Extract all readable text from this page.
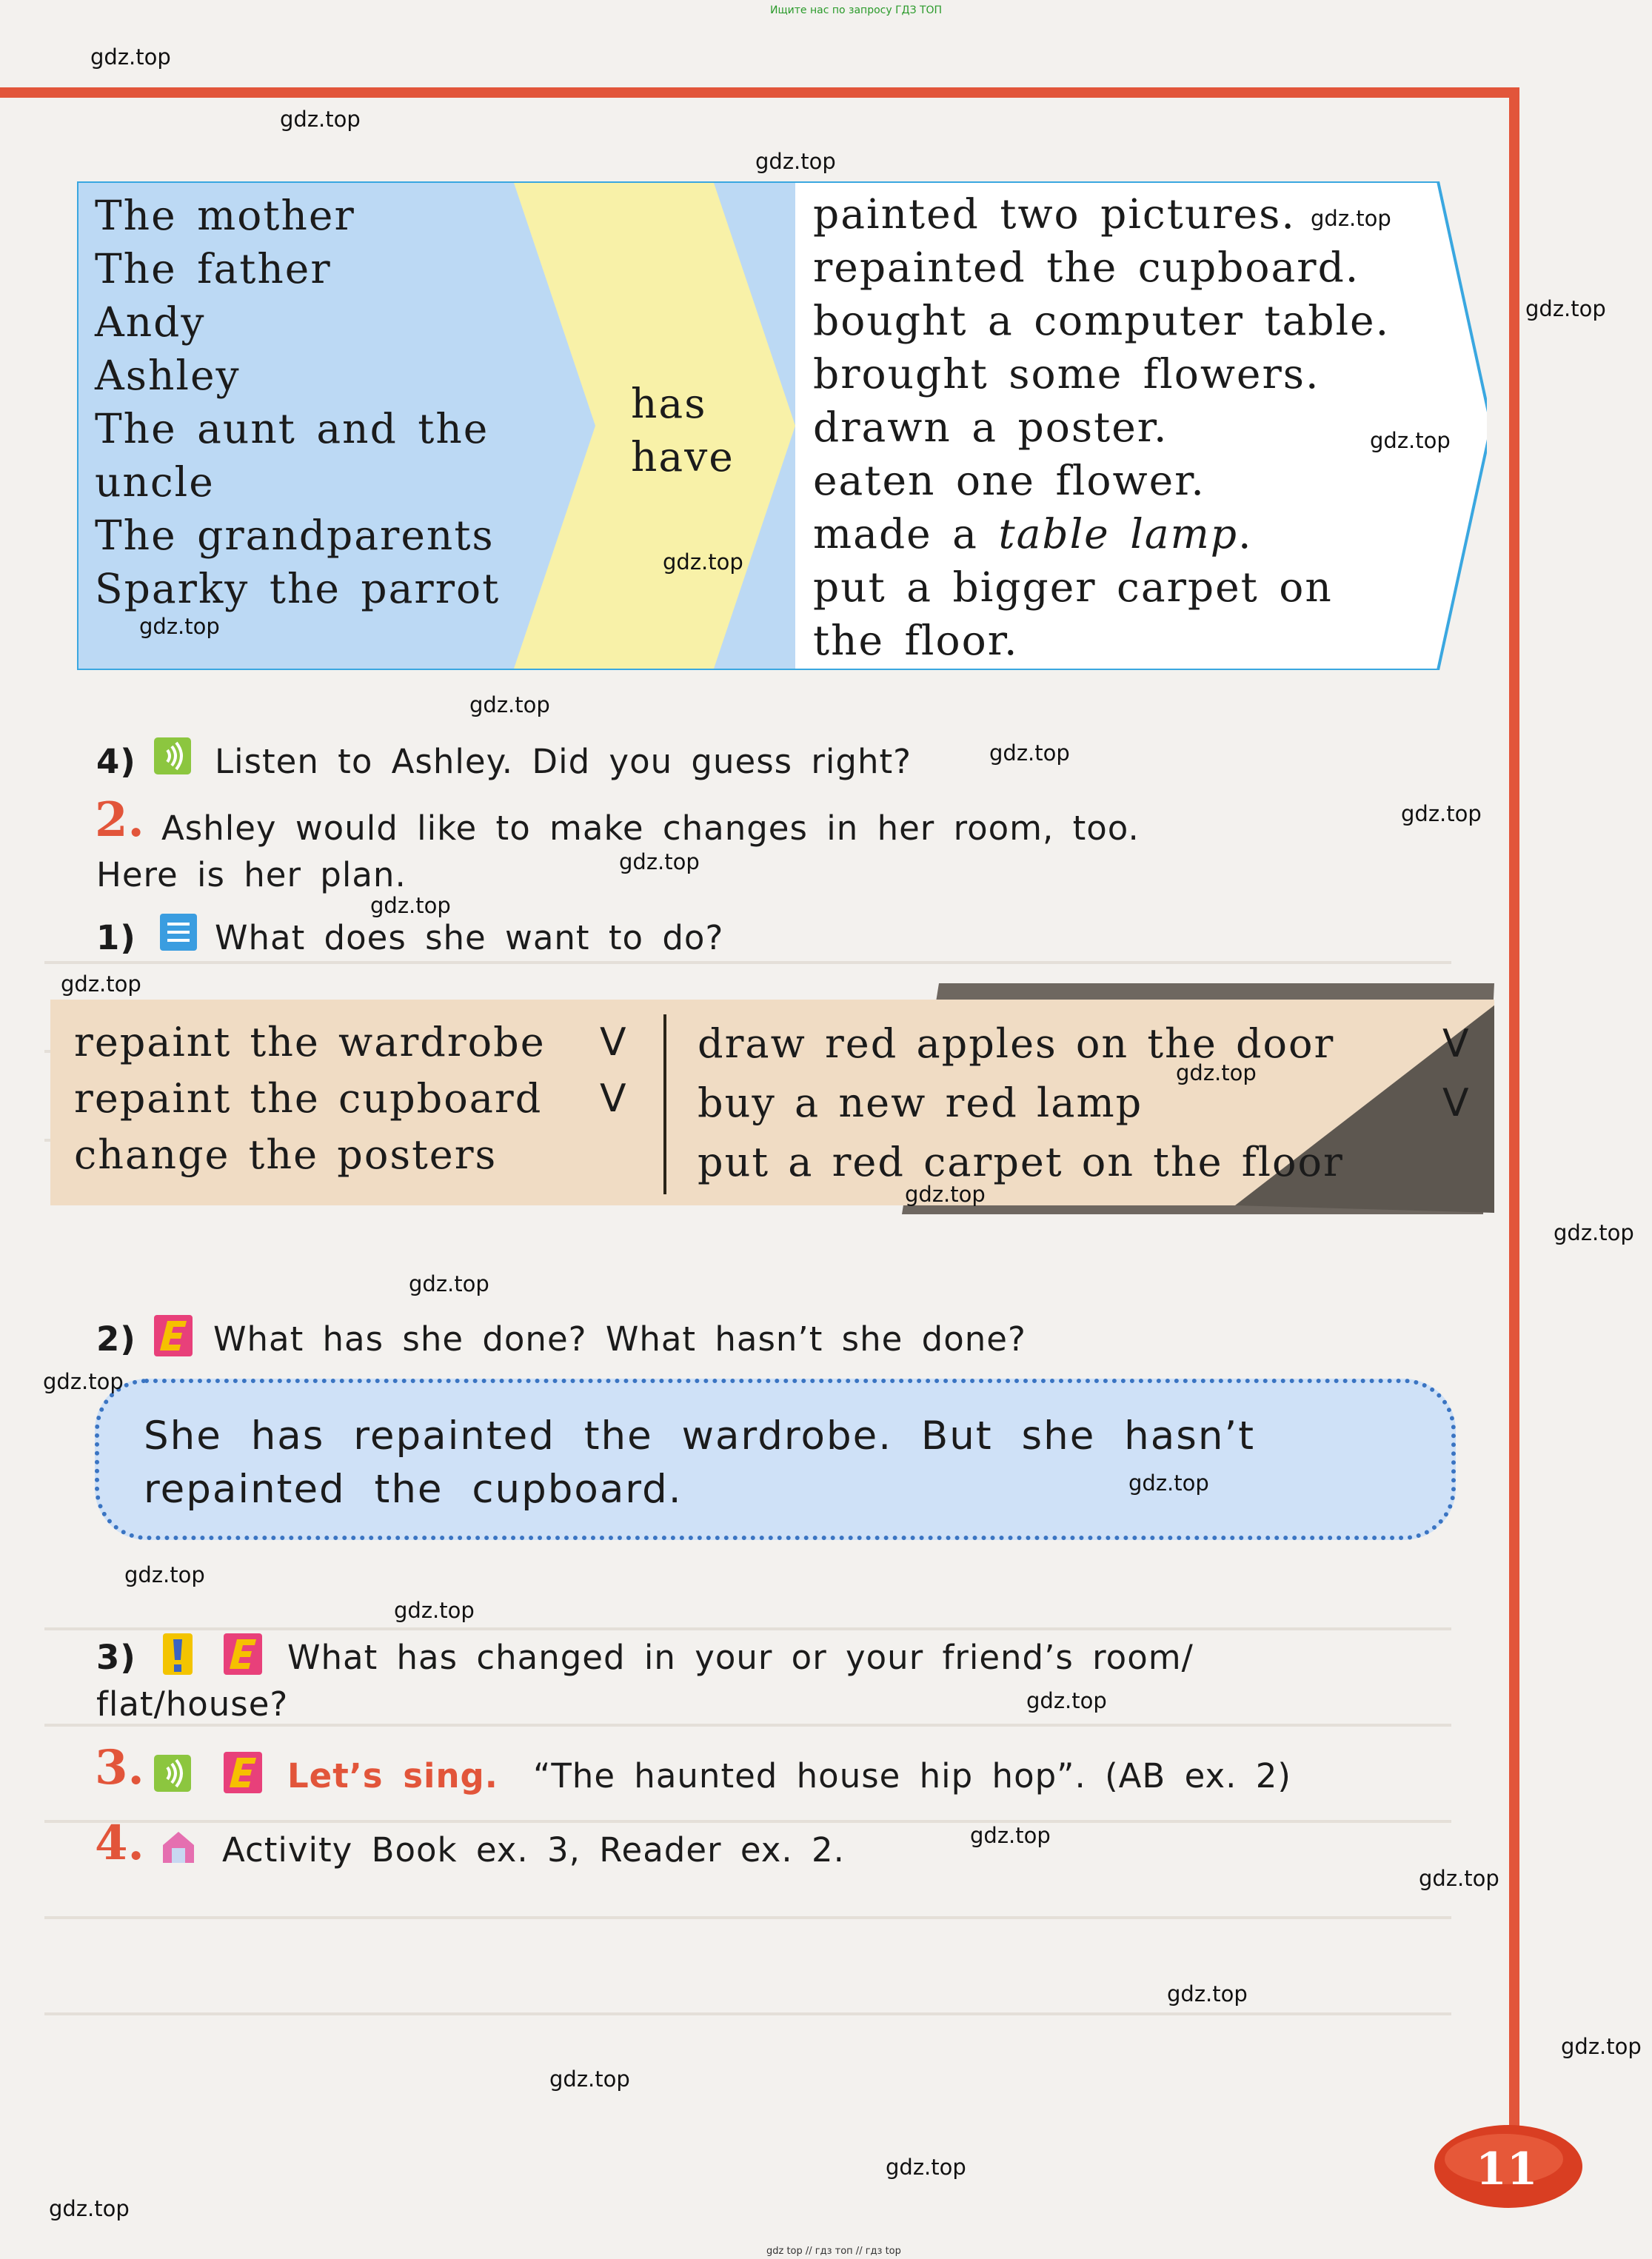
Ищите нас по запросу ГДЗ ТОП
The mother
The father
Andy
Ashley
The aunt and the
uncle
The grandparents
Sparky the parrot
has
have
painted two pictures.
repainted the cupboard.
bought a computer table.
brought some flowers.
drawn a poster.
eaten one flower.
made a table lamp.
put a bigger carpet on
the floor.
4) Listen to Ashley. Did you guess right?
2. Ashley would like to make changes in her room, too.
Here is her plan.
1) What does she want to do?
repaint the wardrobe
repaint the cupboard
change the posters
V
V
draw red apples on the door
buy a new red lamp
put a red carpet on the floor
V
V
2) What has she done? What hasn’t she done?
She has repainted the wardrobe. But she hasn’t
repainted the cupboard.
3)	What has changed in your or your friend’s room/
flat/house?
3.	Let’s sing. “The haunted house hip hop”. (AB ex. 2)
4. Activity Book ex. 3, Reader ex. 2.
11
gdz.top
gdz.top
gdz.top
gdz.top
gdz.top
gdz.top
gdz.top
gdz.top
gdz.top
gdz.top
gdz.top
gdz.top
gdz.top
gdz.top
gdz.top
gdz.top
gdz.top
gdz.top
gdz.top
gdz.top
gdz.top
gdz.top
gdz.top
gdz.top
gdz.top
gdz.top
gdz.top
gdz.top
gdz.top
gdz.top
gdz top // гдз топ // гдз top
